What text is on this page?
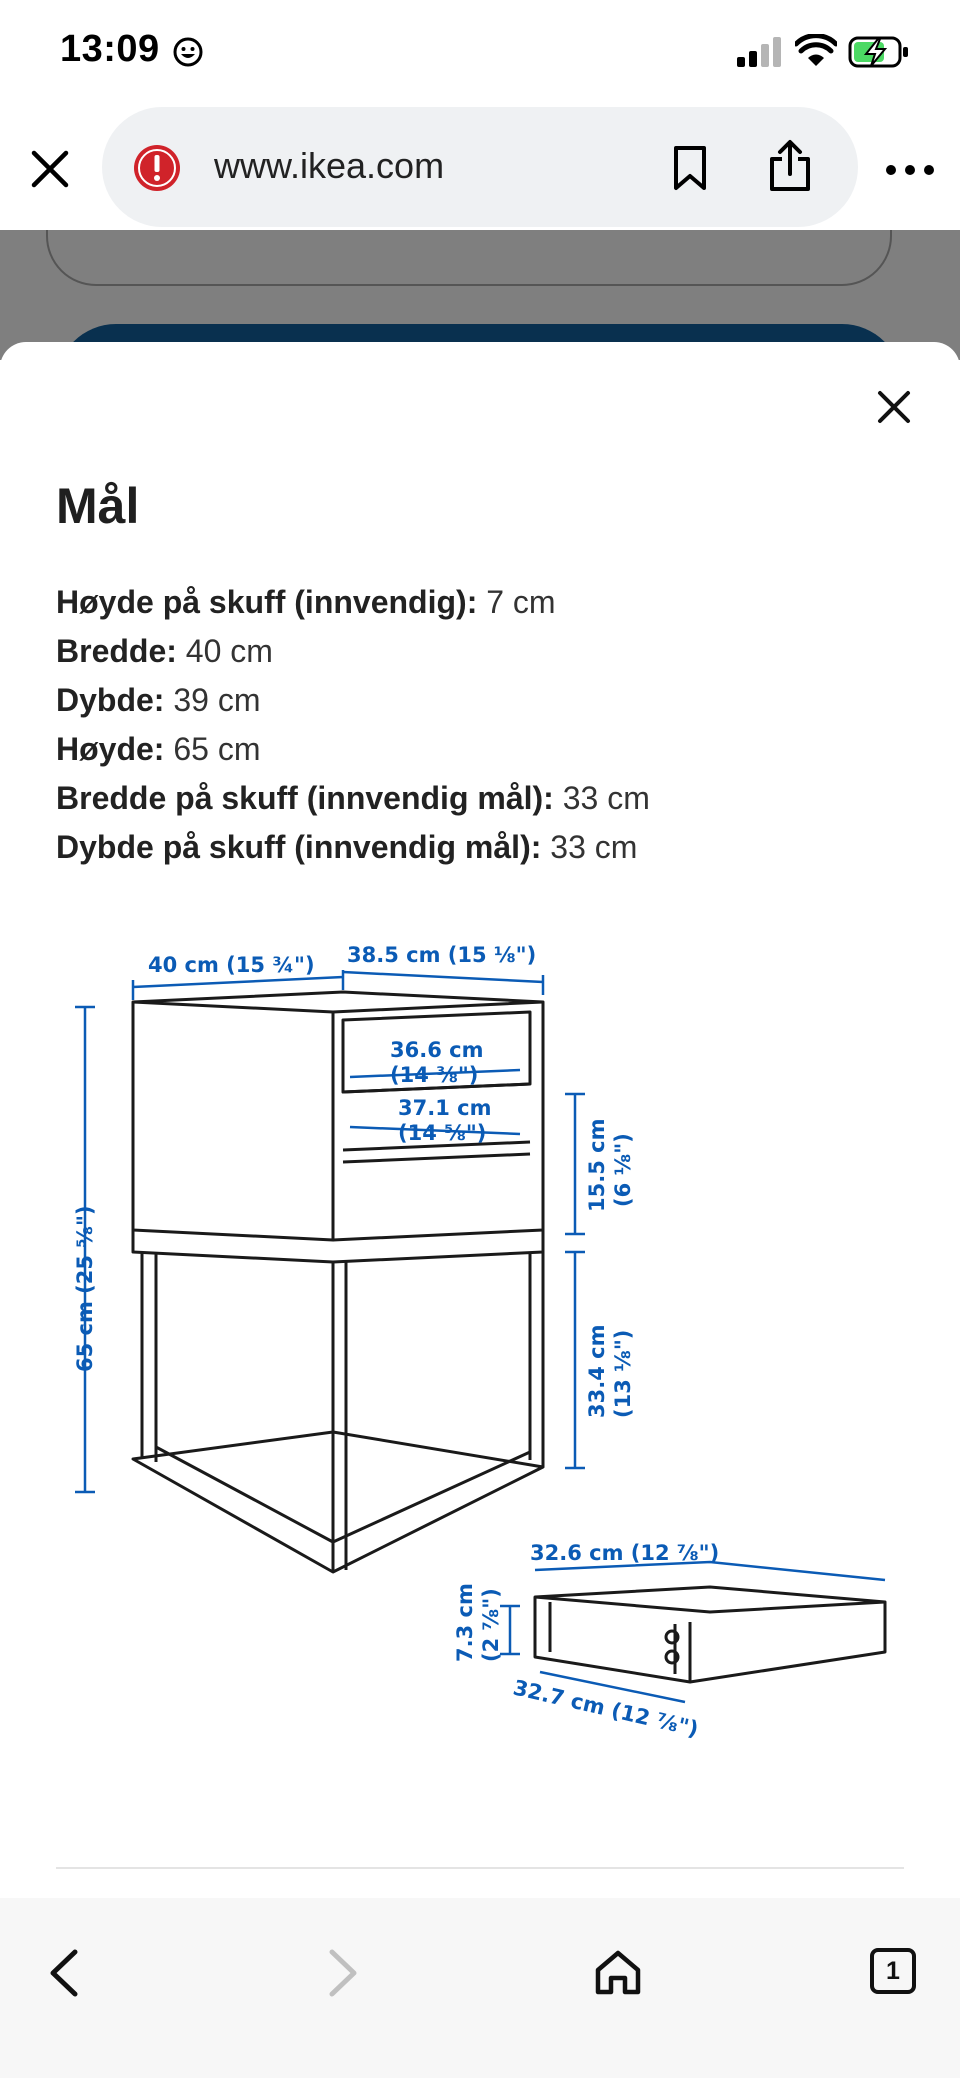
13:09
www.ikea.com
Mål
Høyde på skuff (innvendig): 7 cm
Bredde: 40 cm
Dybde: 39 cm
Høyde: 65 cm
Bredde på skuff (innvendig mål): 33 cm
Dybde på skuff (innvendig mål): 33 cm
40 cm (15 ¾") 38.5 cm (15 ⅛")
36.6 cm
(14 ⅜")
37.1 cm
(14 ⅝")
65 cm (25 ⅝")
15.5 cm (6 ⅛")
33.4 cm (13 ⅛")
32.6 cm (12 ⅞")
7.3 cm (2 ⅞")
32.7 cm (12 ⅞")
1
